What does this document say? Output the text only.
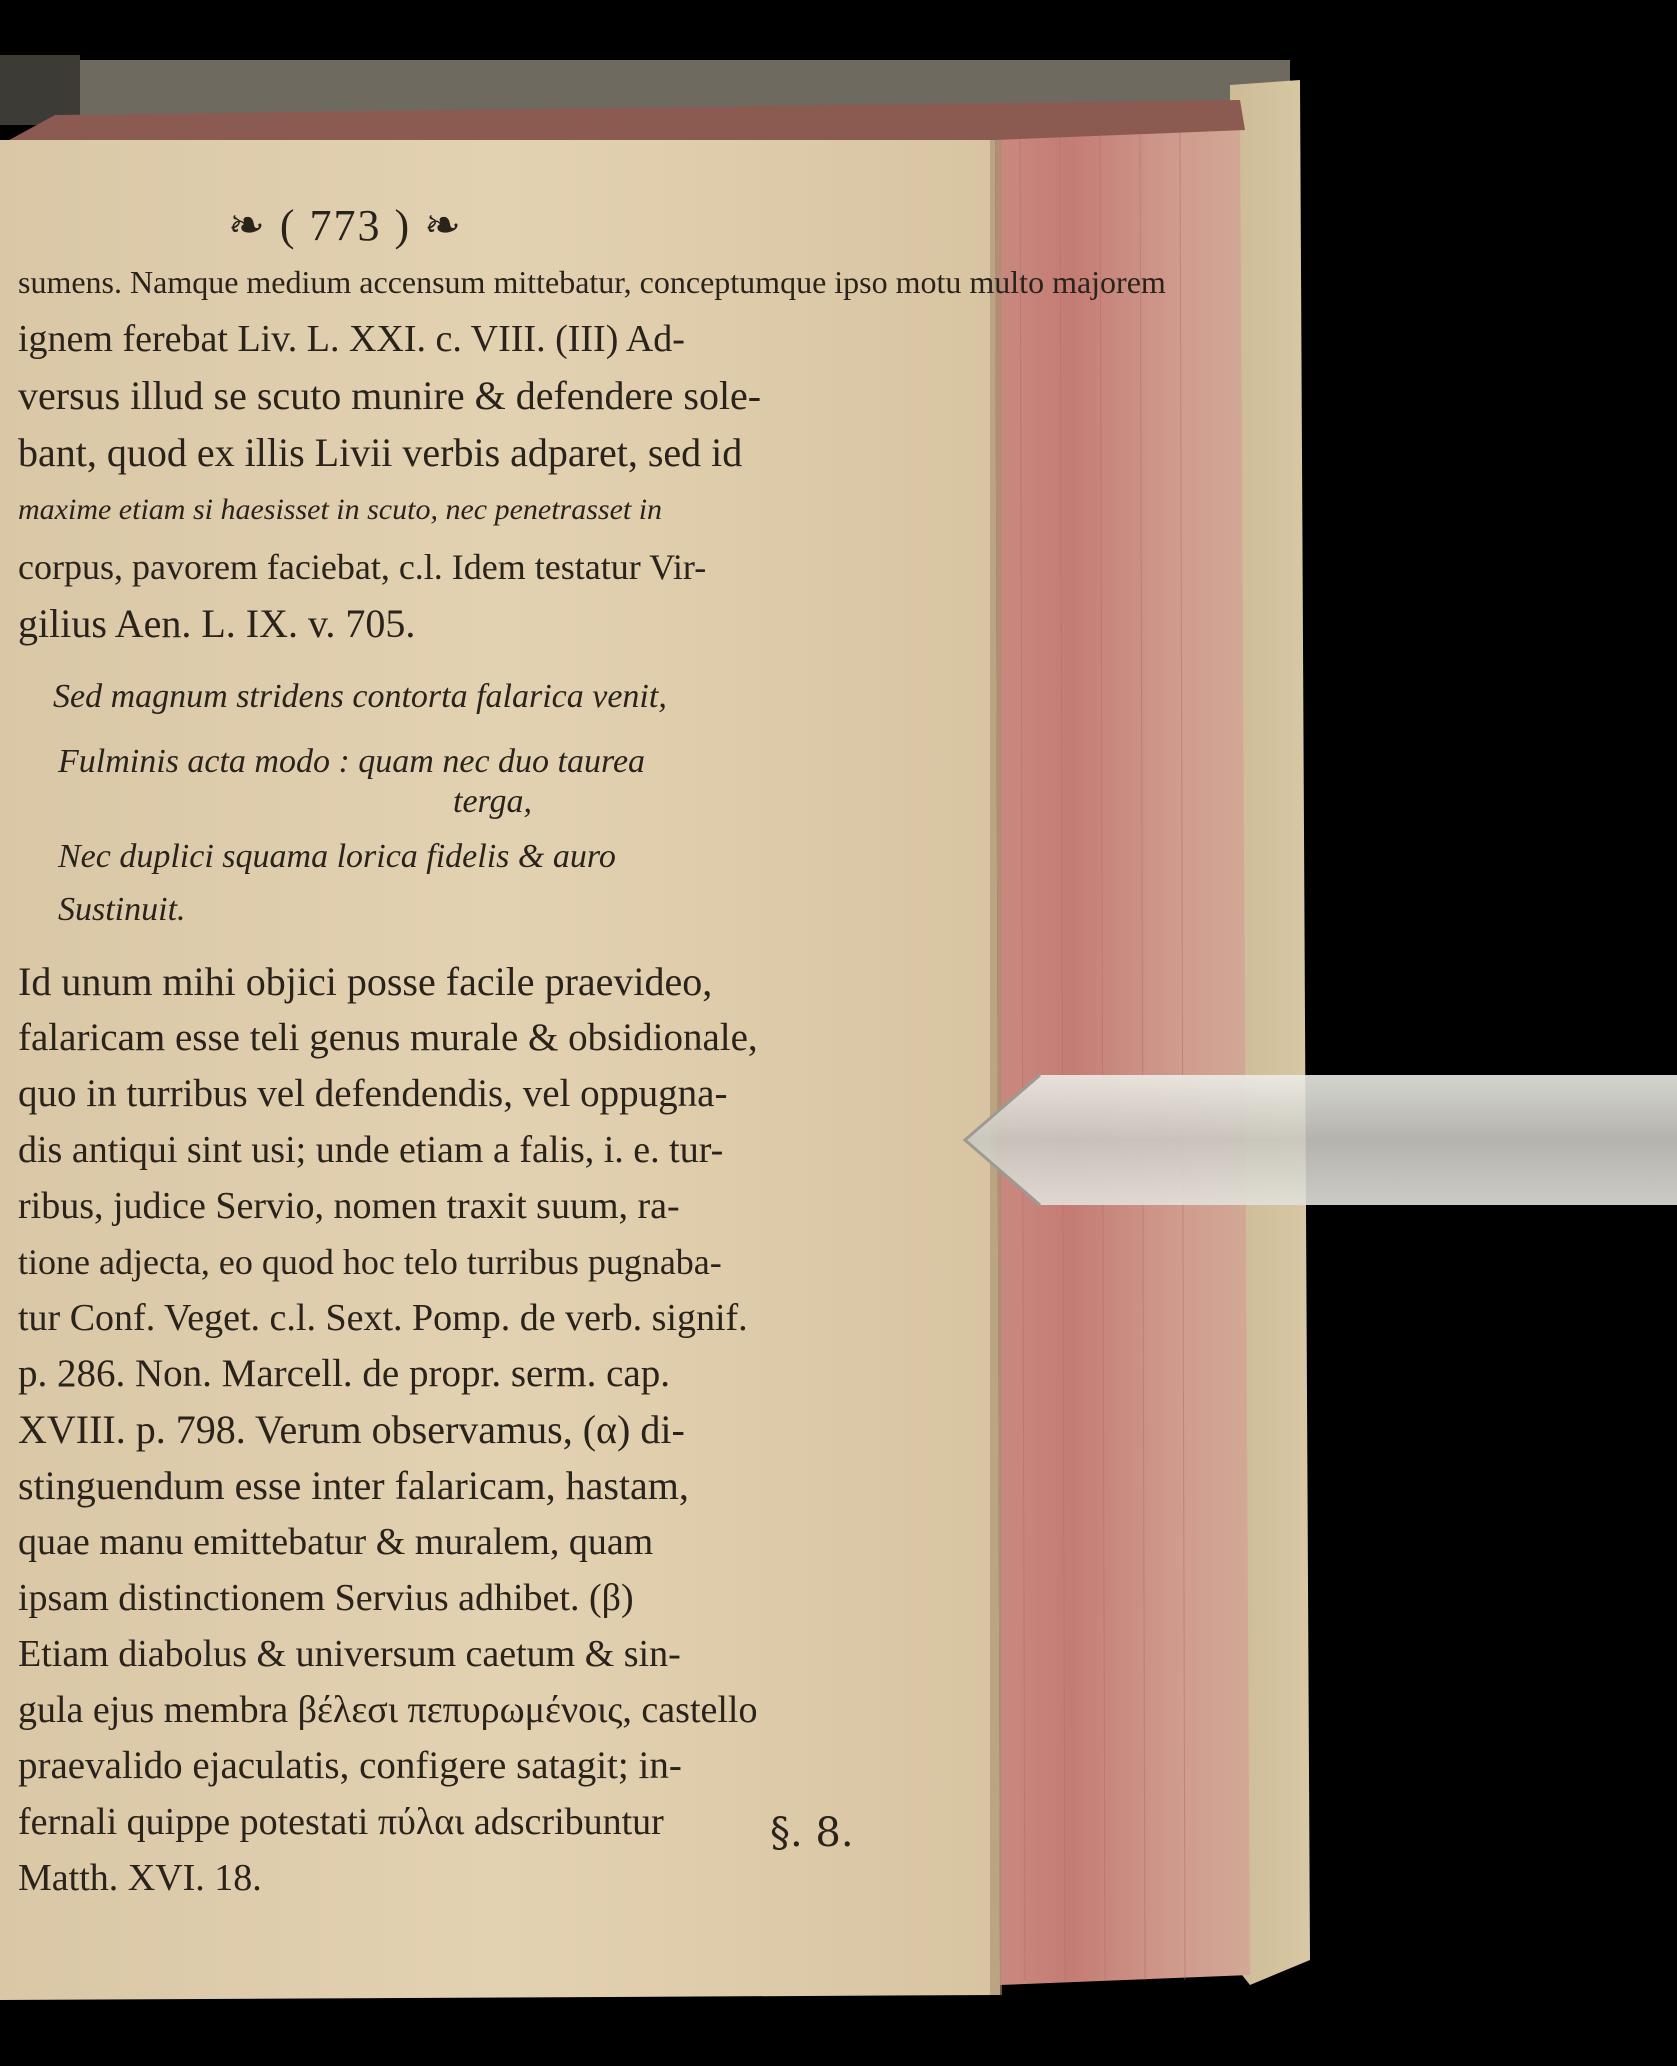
❧ ( 773 ) ❧
sumens. Namque medium accensum mittebatur, conceptumque ipso motu multo majorem
ignem ferebat Liv. L. XXI. c. VIII. (III) Ad-
versus illud se scuto munire & defendere sole-
bant, quod ex illis Livii verbis adparet, sed id
maxime etiam si haesisset in scuto, nec penetrasset in
corpus, pavorem faciebat, c.l. Idem testatur Vir-
gilius Aen. L. IX. v. 705.
Sed magnum stridens contorta falarica venit,
Fulminis acta modo : quam nec duo taurea
terga,
Nec duplici squama lorica fidelis & auro
Sustinuit.
Id unum mihi objici posse facile praevideo,
falaricam esse teli genus murale & obsidionale,
quo in turribus vel defendendis, vel oppugna-
dis antiqui sint usi; unde etiam a falis, i. e. tur-
ribus, judice Servio, nomen traxit suum, ra-
tione adjecta, eo quod hoc telo turribus pugnaba-
tur Conf. Veget. c.l. Sext. Pomp. de verb. signif.
p. 286. Non. Marcell. de propr. serm. cap.
XVIII. p. 798. Verum observamus, (α) di-
stinguendum esse inter falaricam, hastam,
quae manu emittebatur & muralem, quam
ipsam distinctionem Servius adhibet. (β)
Etiam diabolus & universum caetum & sin-
gula ejus membra βέλεσι πεπυρωμένοις, castello
praevalido ejaculatis, configere satagit; in-
fernali quippe potestati πύλαι adscribuntur
Matth. XVI. 18.
§. 8.
